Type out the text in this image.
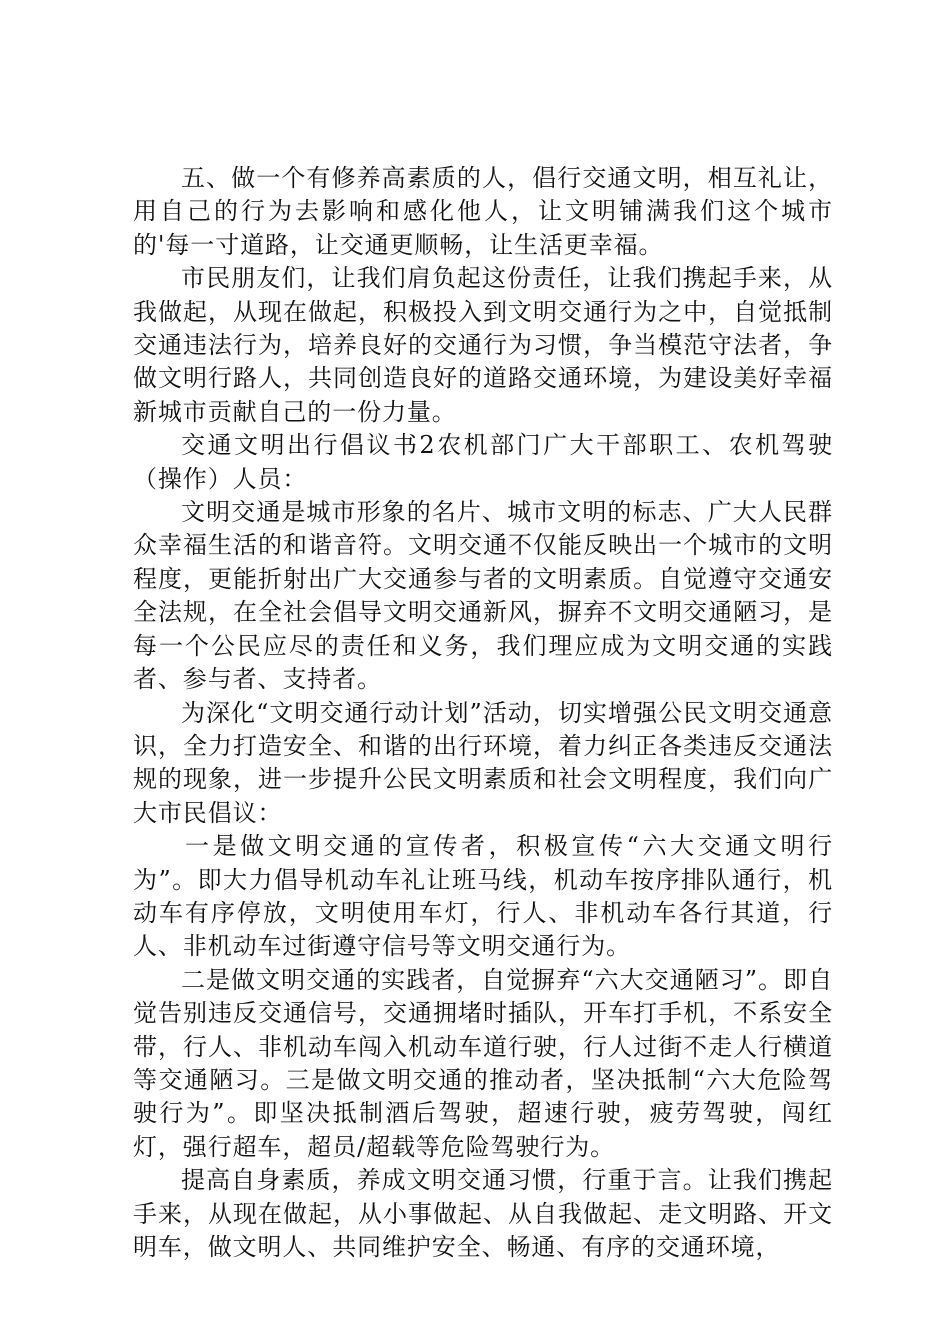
五、做一个有修养高素质的人，倡行交通文明，相互礼让，用自己的行为去影响和感化他人，让文明铺满我们这个城市的'每一寸道路，让交通更顺畅，让生活更幸福。

市民朋友们，让我们肩负起这份责任，让我们携起手来，从我做起，从现在做起，积极投入到文明交通行为之中，自觉抵制交通违法行为，培养良好的交通行为习惯，争当模范守法者，争做文明行路人，共同创造良好的道路交通环境，为建设美好幸福新城市贡献自己的一份力量。

交通文明出行倡议书2农机部门广大干部职工、农机驾驶（操作）人员：

文明交通是城市形象的名片、城市文明的标志、广大人民群众幸福生活的和谐音符。文明交通不仅能反映出一个城市的文明程度，更能折射出广大交通参与者的文明素质。自觉遵守交通安全法规，在全社会倡导文明交通新风，摒弃不文明交通陋习，是每一个公民应尽的责任和义务，我们理应成为文明交通的实践者、参与者、支持者。

为深化“文明交通行动计划”活动，切实增强公民文明交通意识，全力打造安全、和谐的出行环境，着力纠正各类违反交通法规的现象，进一步提升公民文明素质和社会文明程度，我们向广大市民倡议：

一是做文明交通的宣传者，积极宣传“六大交通文明行为”。即大力倡导机动车礼让班马线，机动车按序排队通行，机动车有序停放，文明使用车灯，行人、非机动车各行其道，行人、非机动车过街遵守信号等文明交通行为。

二是做文明交通的实践者，自觉摒弃“六大交通陋习”。即自觉告别违反交通信号，交通拥堵时插队，开车打手机，不系安全带，行人、非机动车闯入机动车道行驶，行人过街不走人行横道等交通陋习。三是做文明交通的推动者，坚决抵制“六大危险驾驶行为”。即坚决抵制酒后驾驶，超速行驶，疲劳驾驶，闯红灯，强行超车，超员/超载等危险驾驶行为。

提高自身素质，养成文明交通习惯，行重于言。让我们携起手来，从现在做起，从小事做起、从自我做起、走文明路、开文明车，做文明人、共同维护安全、畅通、有序的交通环境，
